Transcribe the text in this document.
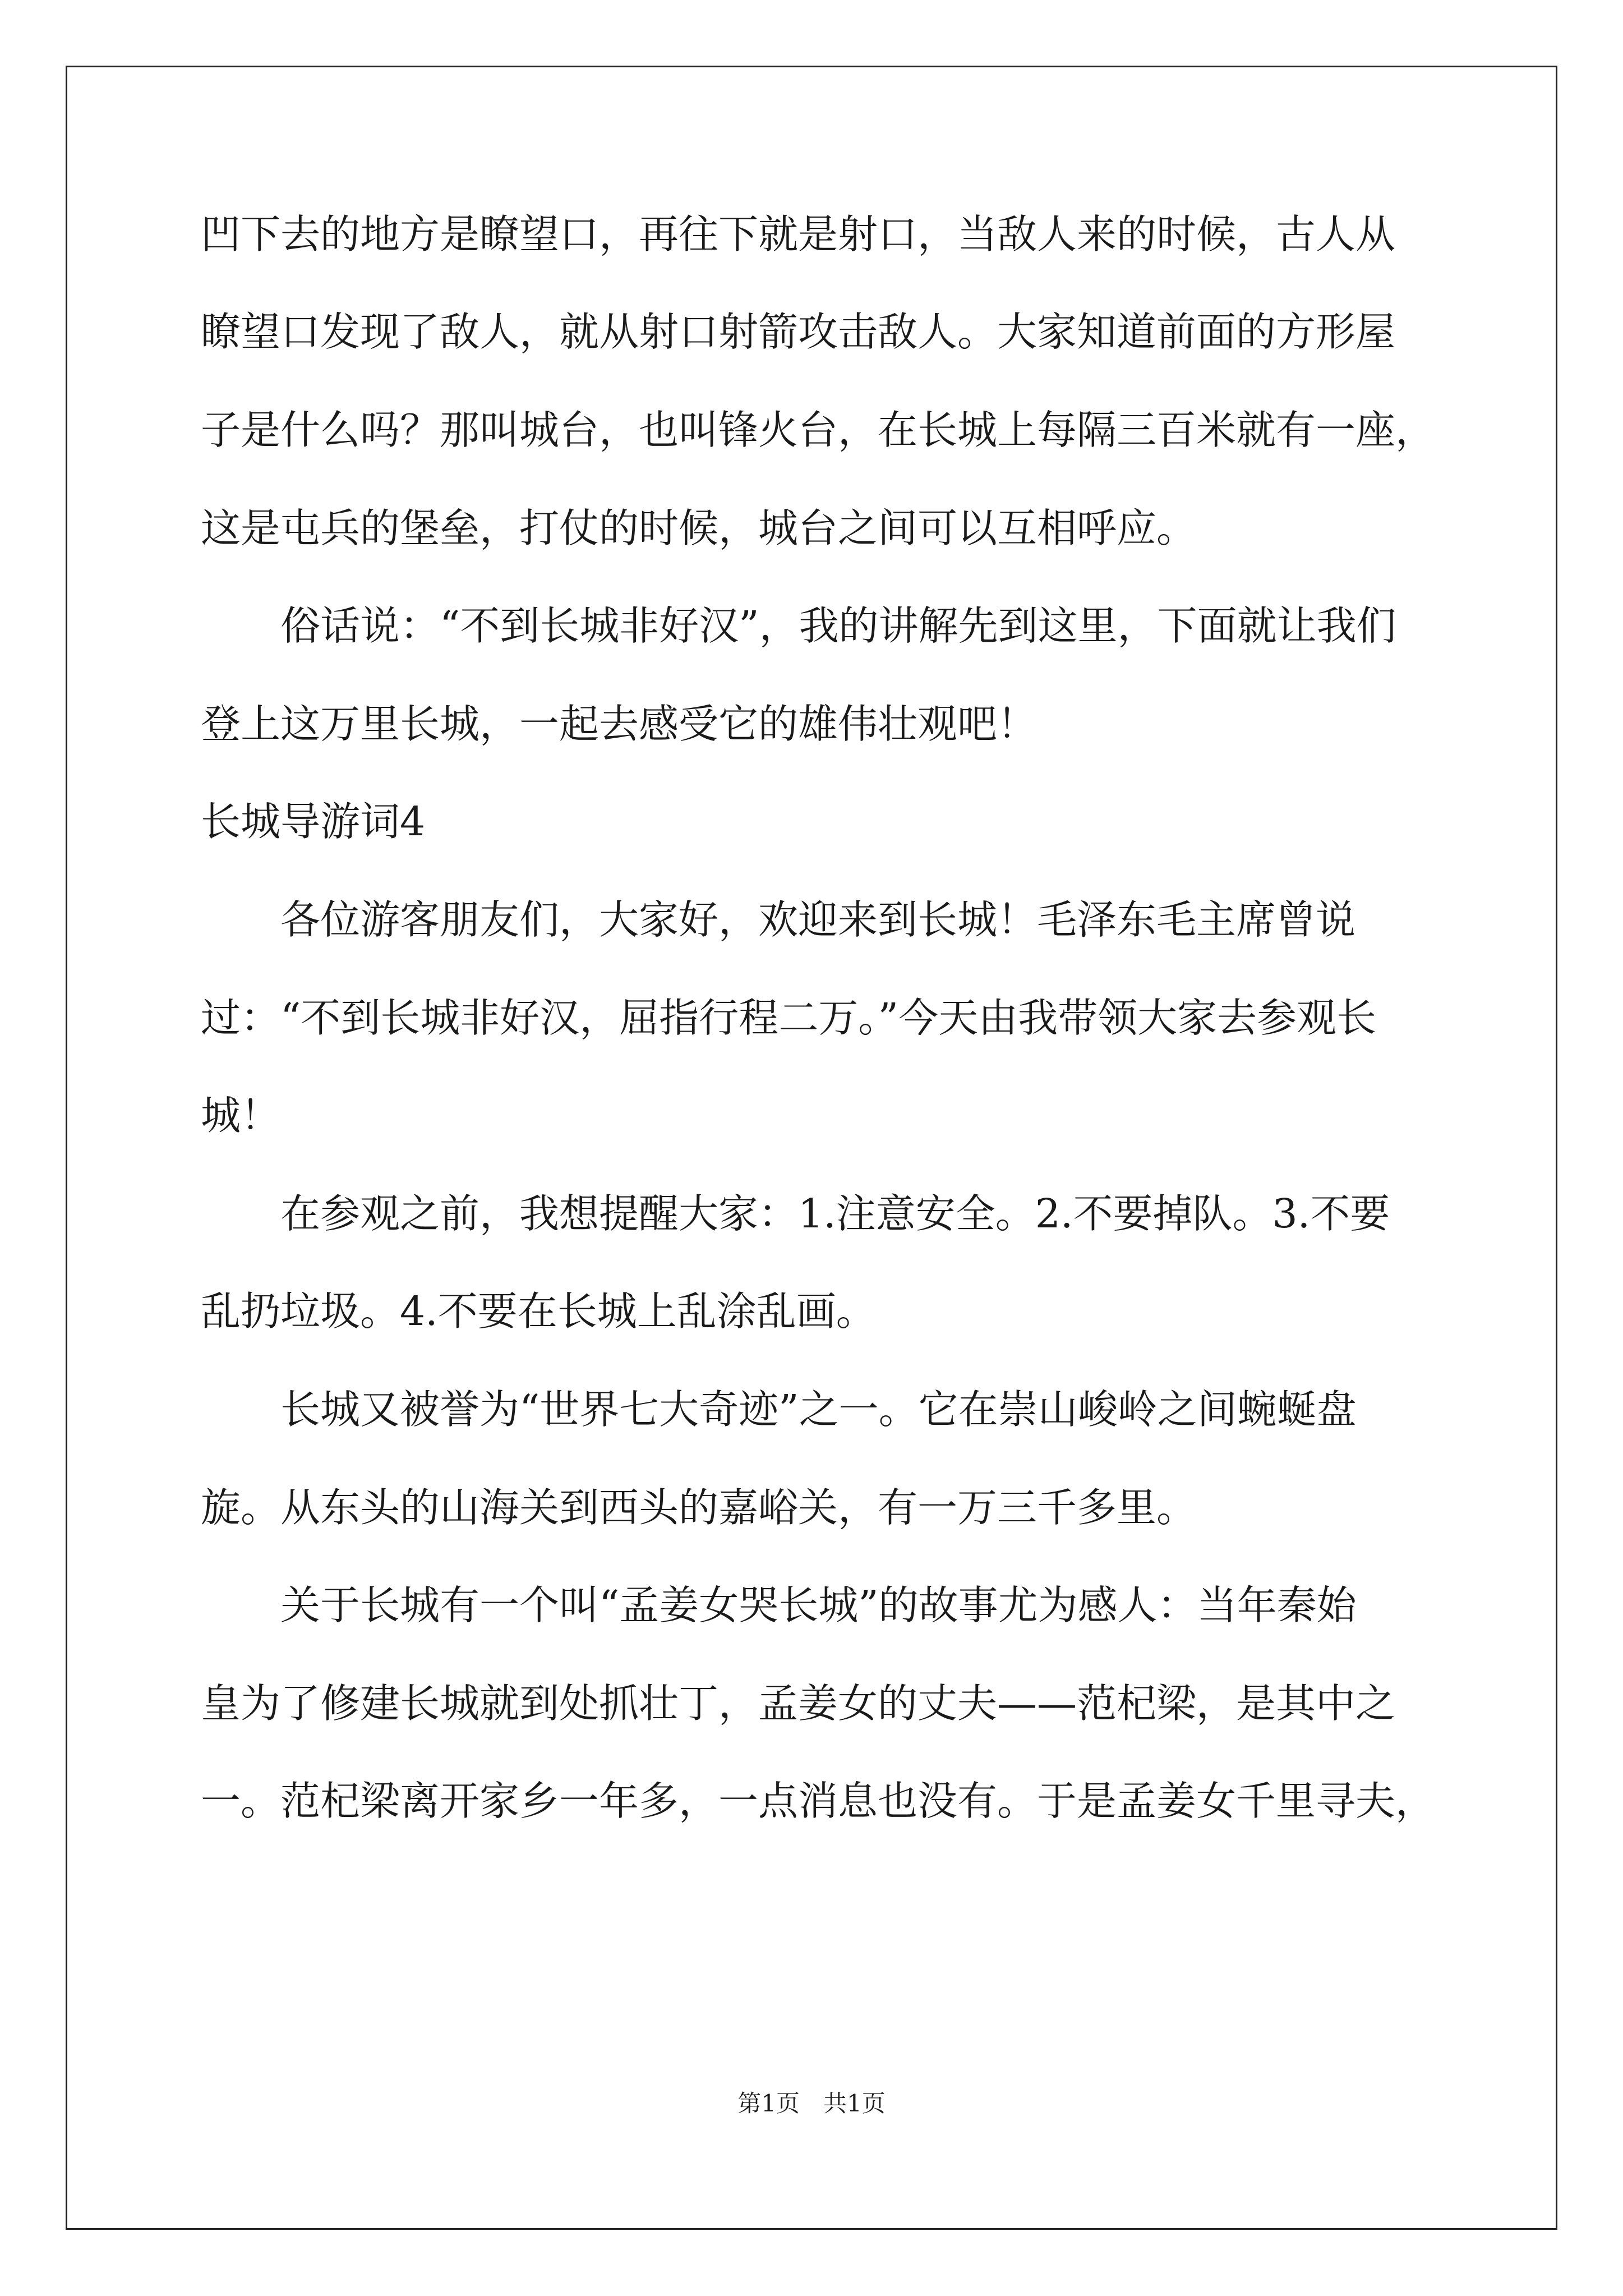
凹下去的地方是瞭望口，再往下就是射口，当敌人来的时候，古人从
瞭望口发现了敌人，就从射口射箭攻击敌人。大家知道前面的方形屋
子是什么吗？那叫城台，也叫锋火台，在长城上每隔三百米就有一座，
这是屯兵的堡垒，打仗的时候，城台之间可以互相呼应。
　　俗话说：“不到长城非好汉”，我的讲解先到这里，下面就让我们
登上这万里长城，一起去感受它的雄伟壮观吧！
长城导游词4
　　各位游客朋友们，大家好，欢迎来到长城！毛泽东毛主席曾说
过：“不到长城非好汉，屈指行程二万。”今天由我带领大家去参观长
城！
　　在参观之前，我想提醒大家：1.注意安全。2.不要掉队。3.不要
乱扔垃圾。4.不要在长城上乱涂乱画。
　　长城又被誉为“世界七大奇迹”之一。它在崇山峻岭之间蜿蜒盘
旋。从东头的山海关到西头的嘉峪关，有一万三千多里。
　　关于长城有一个叫“孟姜女哭长城”的故事尤为感人：当年秦始
皇为了修建长城就到处抓壮丁，孟姜女的丈夫——范杞梁，是其中之
一。范杞梁离开家乡一年多，一点消息也没有。于是孟姜女千里寻夫，
第1页　共1页
